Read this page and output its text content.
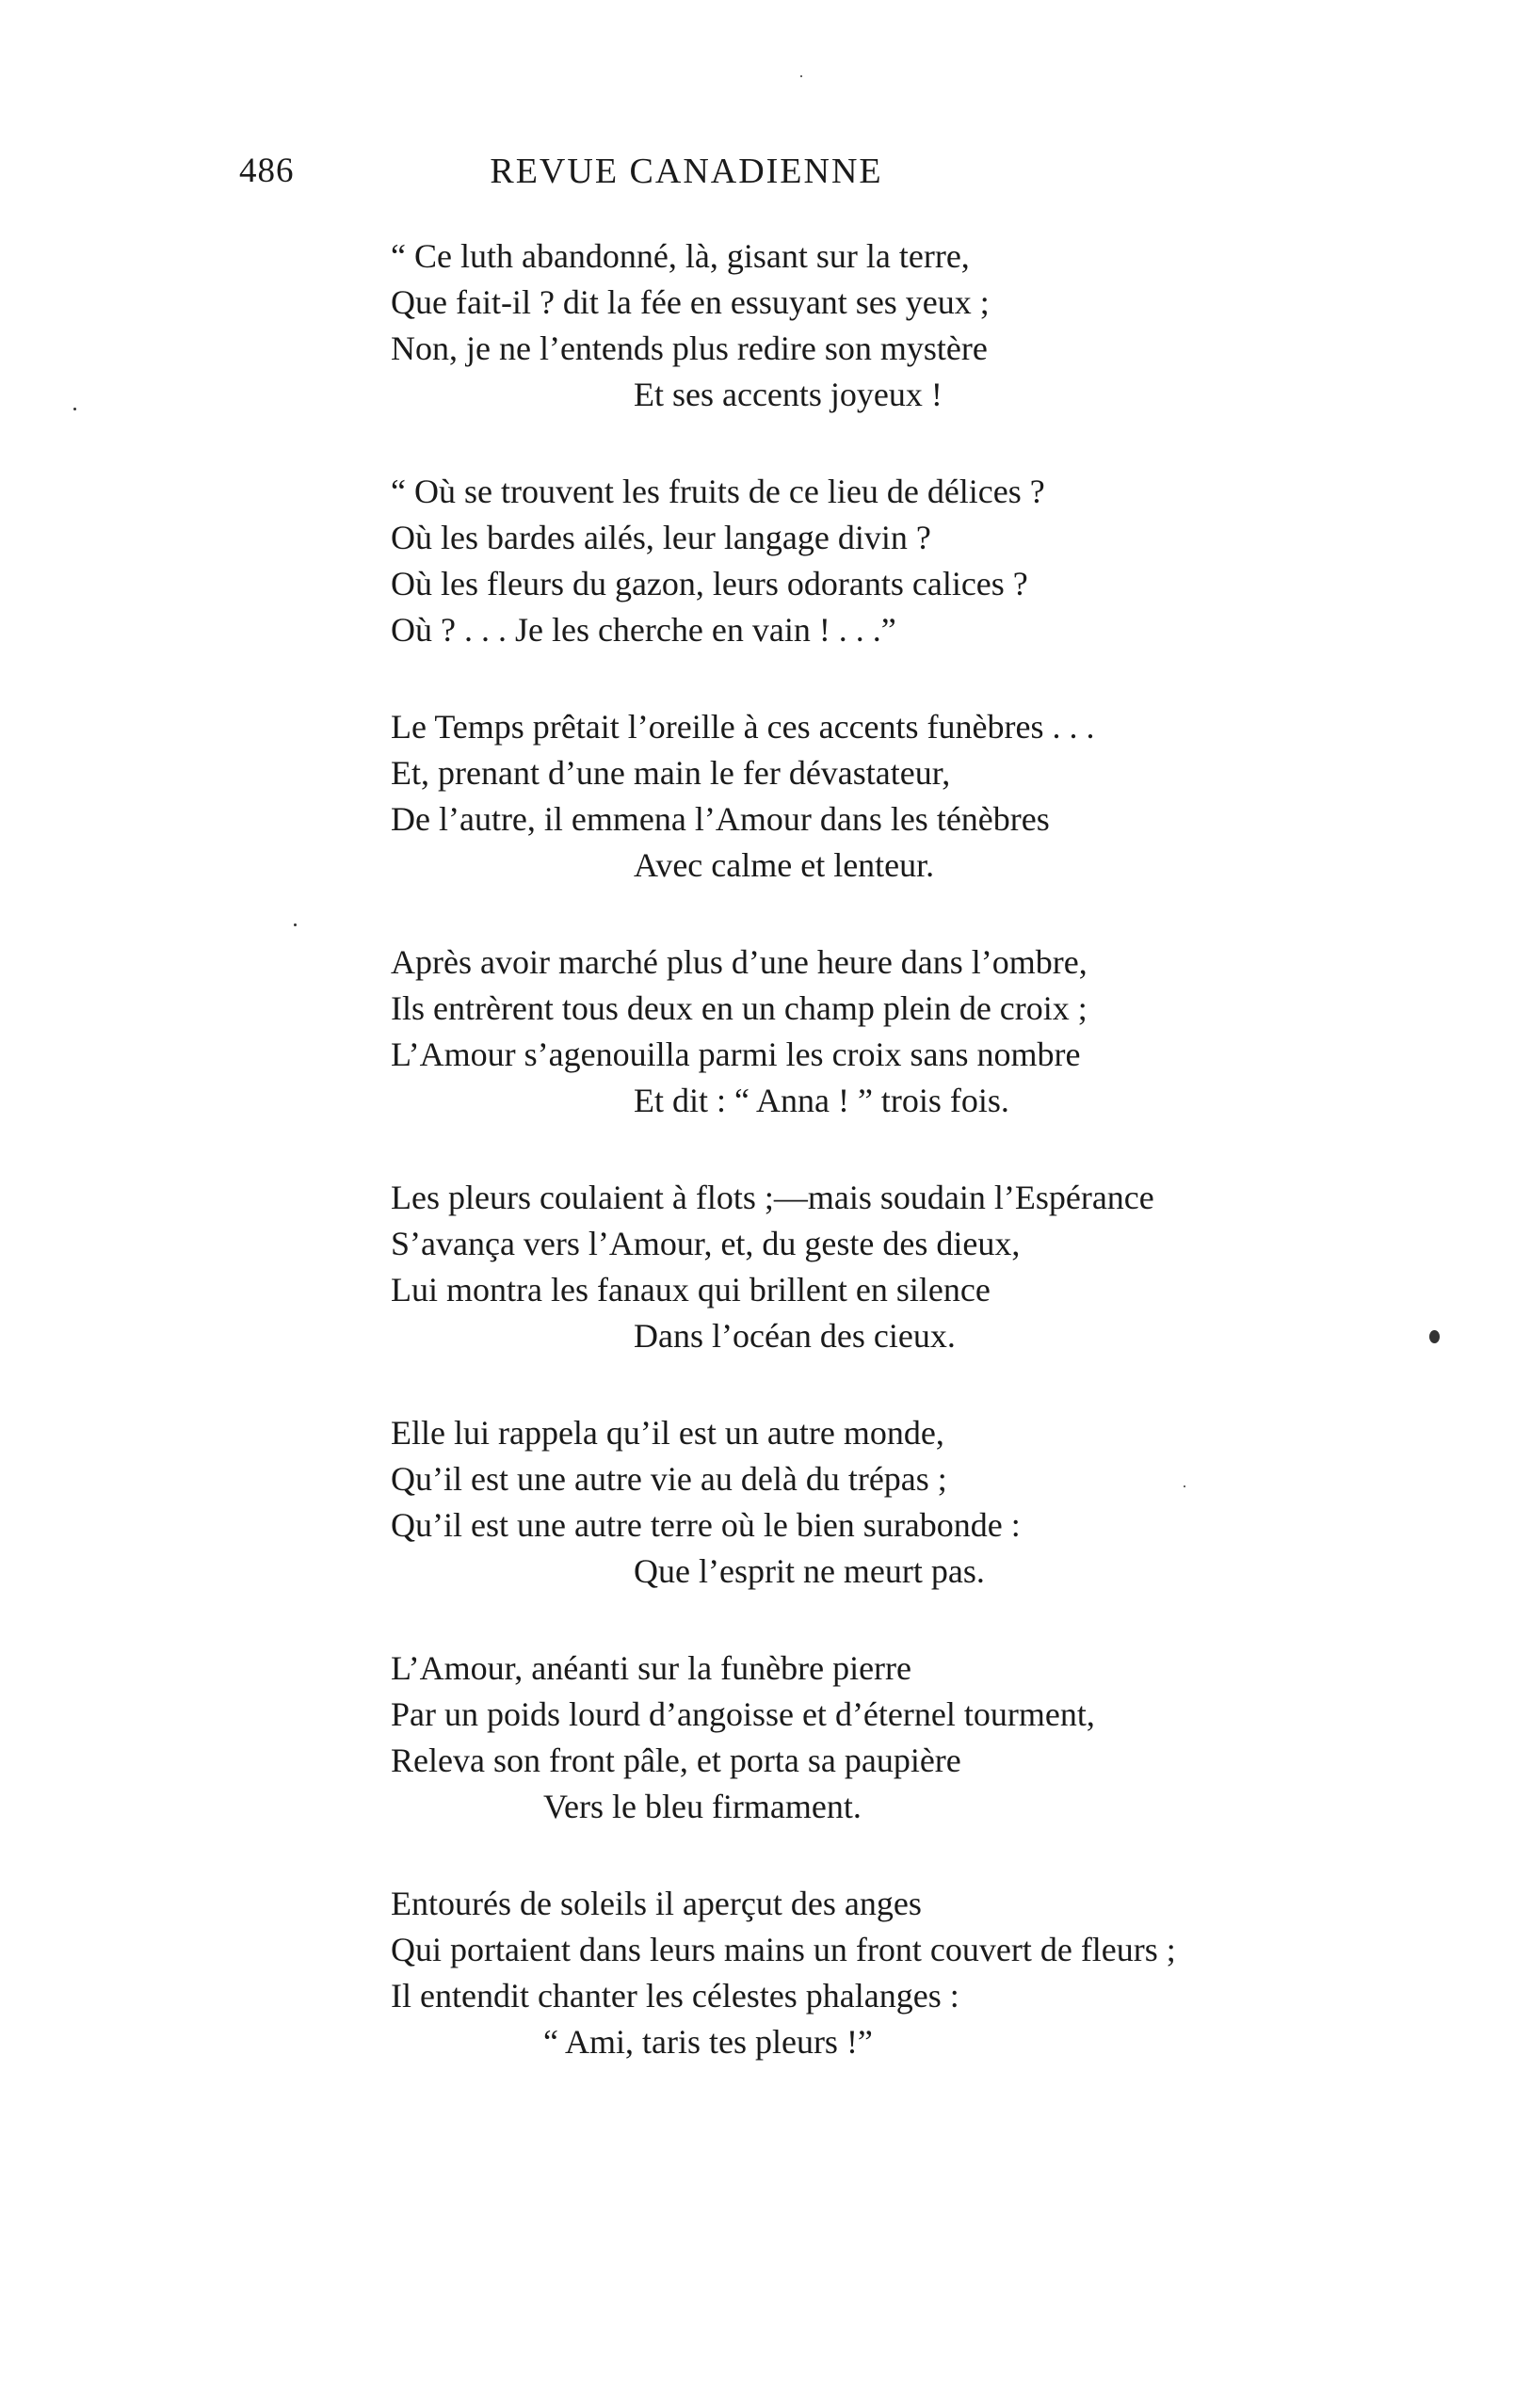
486	REVUE CANADIENNE
“ Ce luth abandonné, là, gisant sur la terre,
Que fait-il ? dit la fée en essuyant ses yeux ;
Non, je ne l’entends plus redire son mystère
Et ses accents joyeux !
“ Où se trouvent les fruits de ce lieu de délices ?
Où les bardes ailés, leur langage divin ?
Où les fleurs du gazon, leurs odorants calices ?
Où ? . . . Je les cherche en vain ! . . .”
Le Temps prêtait l’oreille à ces accents funèbres . . .
Et, prenant d’une main le fer dévastateur,
De l’autre, il emmena l’Amour dans les ténèbres
Avec calme et lenteur.
Après avoir marché plus d’une heure dans l’ombre,
Ils entrèrent tous deux en un champ plein de croix ;
L’Amour s’agenouilla parmi les croix sans nombre
Et dit : “ Anna ! ” trois fois.
Les pleurs coulaient à flots ;—mais soudain l’Espérance
S’avança vers l’Amour, et, du geste des dieux,
Lui montra les fanaux qui brillent en silence
Dans l’océan des cieux.
Elle lui rappela qu’il est un autre monde,
Qu’il est une autre vie au delà du trépas ;
Qu’il est une autre terre où le bien surabonde :
Que l’esprit ne meurt pas.
L’Amour, anéanti sur la funèbre pierre
Par un poids lourd d’angoisse et d’éternel tourment,
Releva son front pâle, et porta sa paupière
Vers le bleu firmament.
Entourés de soleils il aperçut des anges
Qui portaient dans leurs mains un front couvert de fleurs ;
Il entendit chanter les célestes phalanges :
“ Ami, taris tes pleurs !”
